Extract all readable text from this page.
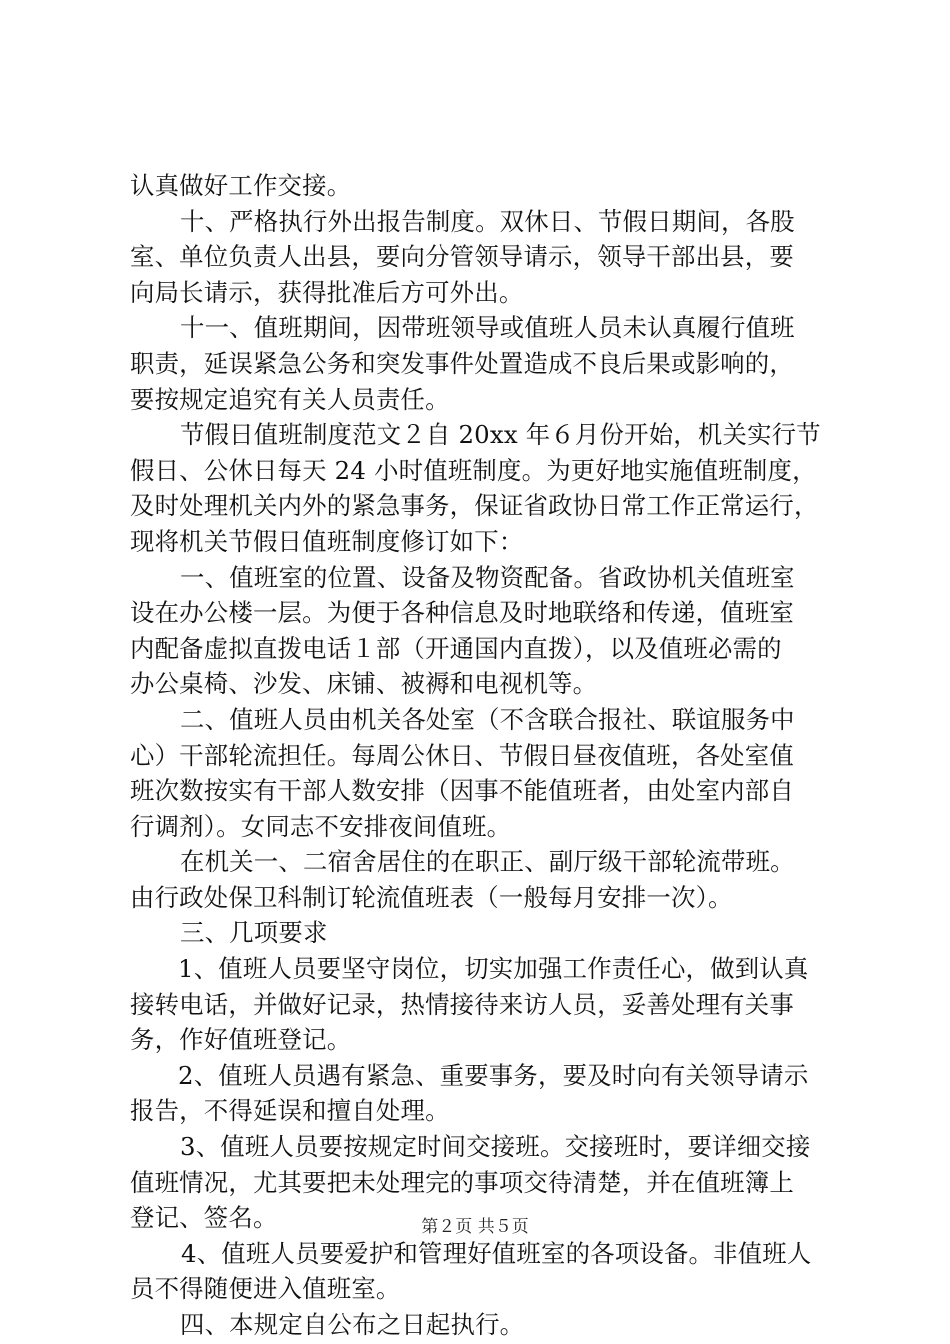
认真做好工作交接。
十、严格执行外出报告制度。双休日、节假日期间，各股
室、单位负责人出县，要向分管领导请示，领导干部出县，要
向局长请示，获得批准后方可外出。
十一、值班期间，因带班领导或值班人员未认真履行值班
职责，延误紧急公务和突发事件处置造成不良后果或影响的，
要按规定追究有关人员责任。
节假日值班制度范文２自 20xx 年６月份开始，机关实行节
假日、公休日每天 24 小时值班制度。为更好地实施值班制度，
及时处理机关内外的紧急事务，保证省政协日常工作正常运行，
现将机关节假日值班制度修订如下：
一、值班室的位置、设备及物资配备。省政协机关值班室
设在办公楼一层。为便于各种信息及时地联络和传递，值班室
内配备虚拟直拨电话１部（开通国内直拨），以及值班必需的
办公桌椅、沙发、床铺、被褥和电视机等。
二、值班人员由机关各处室（不含联合报社、联谊服务中
心）干部轮流担任。每周公休日、节假日昼夜值班，各处室值
班次数按实有干部人数安排（因事不能值班者，由处室内部自
行调剂）。女同志不安排夜间值班。
在机关一、二宿舍居住的在职正、副厅级干部轮流带班。
由行政处保卫科制订轮流值班表（一般每月安排一次）。
三、几项要求
1、值班人员要坚守岗位，切实加强工作责任心，做到认真
接转电话，并做好记录，热情接待来访人员，妥善处理有关事
务，作好值班登记。
2、值班人员遇有紧急、重要事务，要及时向有关领导请示
报告，不得延误和擅自处理。
3、值班人员要按规定时间交接班。交接班时，要详细交接
值班情况，尤其要把未处理完的事项交待清楚，并在值班簿上
登记、签名。
4、值班人员要爱护和管理好值班室的各项设备。非值班人
员不得随便进入值班室。
四、本规定自公布之日起执行。
第２页 共５页
